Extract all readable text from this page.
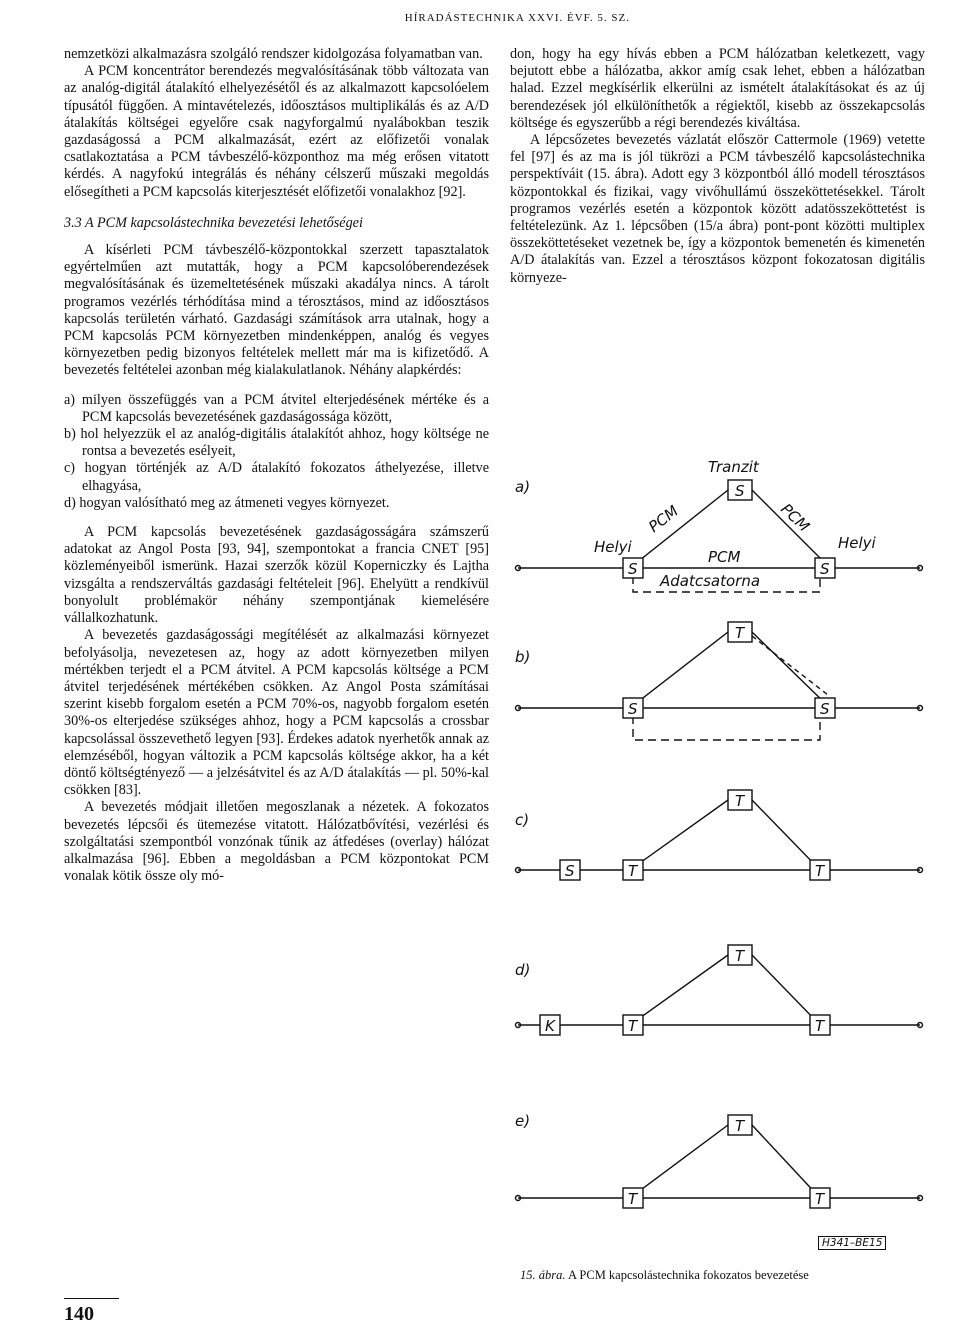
HÍRADÁSTECHNIKA XXVI. ÉVF. 5. SZ.

nemzetközi alkalmazásra szolgáló rendszer kidolgozása folyamatban van.

A PCM koncentrátor berendezés megvalósításának több változata van az analóg-digitál átalakító elhelyezésétől és az alkalmazott kapcsolóelem típusától függően. A mintavételezés, időosztásos multiplikálás és az A/D átalakítás költségei egyelőre csak nagyforgalmú nyalábokban teszik gazdaságossá a PCM alkalmazását, ezért az előfizetői vonalak csatlakoztatása a PCM távbeszélő-központhoz ma még erősen vitatott kérdés. A nagyfokú integrálás és néhány célszerű műszaki megoldás elősegítheti a PCM kapcsolás kiterjesztését előfizetői vonalakhoz [92].

3.3 A PCM kapcsolástechnika bevezetési lehetőségei

A kísérleti PCM távbeszélő-központokkal szerzett tapasztalatok egyértelműen azt mutatták, hogy a PCM kapcsolóberendezések megvalósításának és üzemeltetésének műszaki akadálya nincs. A tárolt programos vezérlés térhódítása mind a térosztásos, mind az időosztásos kapcsolás területén várható. Gazdasági számítások arra utalnak, hogy a PCM kapcsolás PCM környezetben mindenképpen, analóg és vegyes környezetben pedig bizonyos feltételek mellett már ma is kifizetődő. A bevezetés feltételei azonban még kialakulatlanok. Néhány alapkérdés:

a) milyen összefüggés van a PCM átvitel elterjedésének mértéke és a PCM kapcsolás bevezetésének gazdaságossága között,
b) hol helyezzük el az analóg-digitális átalakítót ahhoz, hogy költsége ne rontsa a bevezetés esélyeit,
c) hogyan történjék az A/D átalakító fokozatos áthelyezése, illetve elhagyása,
d) hogyan valósítható meg az átmeneti vegyes környezet.

A PCM kapcsolás bevezetésének gazdaságosságára számszerű adatokat az Angol Posta [93, 94], szempontokat a francia CNET [95] közleményeiből ismerünk. Hazai szerzők közül Koperniczky és Lajtha vizsgálta a rendszerváltás gazdasági feltételeit [96]. Ehelyütt a rendkívül bonyolult problémakör néhány szempontjának kiemelésére vállalkozhatunk.

A bevezetés gazdaságossági megítélését az alkalmazási környezet befolyásolja, nevezetesen az, hogy az adott környezetben milyen mértékben terjedt el a PCM átvitel. A PCM kapcsolás költsége a PCM átvitel terjedésének mértékében csökken. Az Angol Posta számításai szerint kisebb forgalom esetén a PCM 70%-os, nagyobb forgalom esetén 30%-os elterjedése szükséges ahhoz, hogy a PCM kapcsolás a crossbar kapcsolással összevethető legyen [93]. Érdekes adatok nyerhetők annak az elemzéséből, hogyan változik a PCM kapcsolás költsége akkor, ha a két döntő költségtényező — a jelzésátvitel és az A/D átalakítás — pl. 50%-kal csökken [83].

A bevezetés módjait illetően megoszlanak a nézetek. A fokozatos bevezetés lépcsői és ütemezése vitatott. Hálózatbővítési, vezérlési és szolgáltatási szempontból vonzónak tűnik az átfedéses (overlay) hálózat alkalmazása [96]. Ebben a megoldásban a PCM központokat PCM vonalak kötik össze oly mó-

don, hogy ha egy hívás ebben a PCM hálózatban keletkezett, vagy bejutott ebbe a hálózatba, akkor amíg csak lehet, ebben a hálózatban halad. Ezzel megkísérlik elkerülni az ismételt átalakításokat és az új berendezések jól elkülöníthetők a régiektől, kisebb az összekapcsolás költsége és egyszerűbb a régi berendezés kiváltása.

A lépcsőzetes bevezetés vázlatát először Cattermole (1969) vetette fel [97] és az ma is jól tükrözi a PCM távbeszélő kapcsolástechnika perspektíváit (15. ábra). Adott egy 3 központból álló modell térosztásos központokkal és fizikai, vagy vivőhullámú összeköttetésekkel. Tárolt programos vezérlés esetén a központok között adatösszeköttetést is feltételezünk. Az 1. lépcsőben (15/a ábra) pont-pont közötti multiplex összeköttetéseket vezetnek be, így a központok bemenetén és kimenetén A/D átalakítás van. Ezzel a térosztásos központ fokozatosan digitális környeze-

a)
b)
c)
d)
e)
Tranzit
S
Helyi	Helyi
S	S
PCM	PCM
PCM
Adatcsatorna
T
S	S
T
S	T	T
T
K	T	T
T
T	T
H341–BE15
15. ábra. A PCM kapcsolástechnika fokozatos bevezetése
140
